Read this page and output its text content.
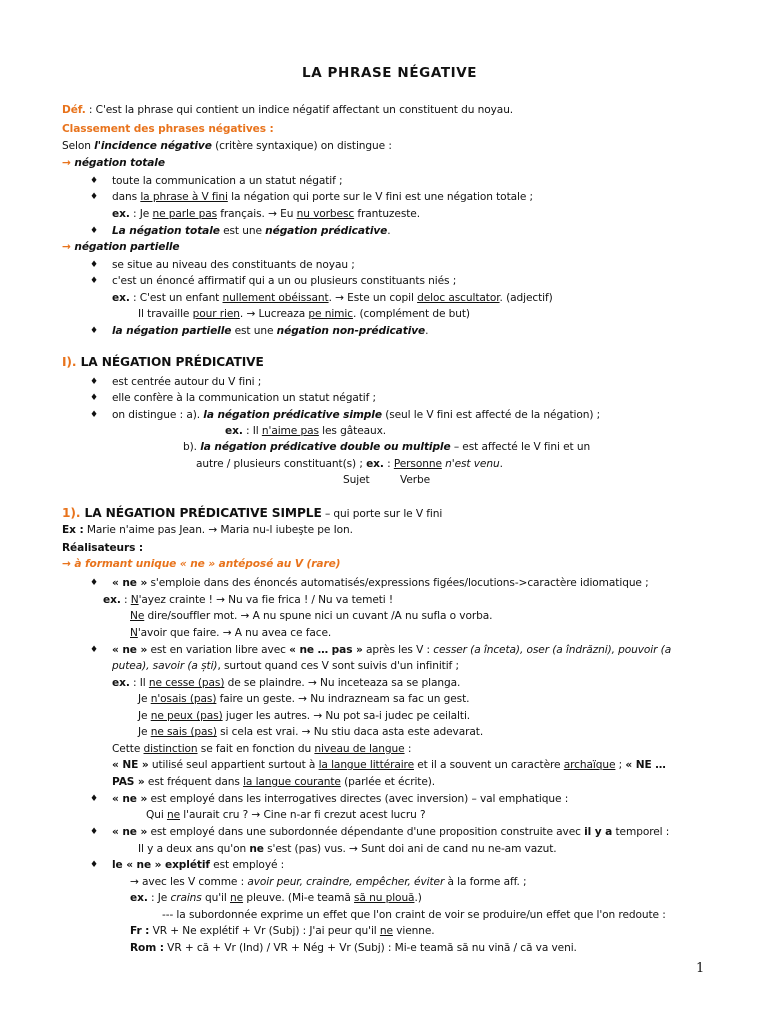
LA PHRASE NÉGATIVE
Déf. : C'est la phrase qui contient un indice négatif affectant un constituent du noyau.
Classement des phrases négatives :
Selon l'incidence négative (critère syntaxique) on distingue :
→ négation totale
♦ toute la communication a un statut négatif ;
♦ dans la phrase à V fini la négation qui porte sur le V fini est une négation totale ;
ex. : Je ne parle pas français. → Eu nu vorbesc frantuzeste.
♦ La négation totale est une négation prédicative.
→ négation partielle
♦ se situe au niveau des constituants de noyau ;
♦ c'est un énoncé affirmatif qui a un ou plusieurs constituants niés ;
ex. : C'est un enfant nullement obéissant. → Este un copil deloc ascultator. (adjectif)
Il travaille pour rien. → Lucreaza pe nimic. (complément de but)
♦ la négation partielle est une négation non-prédicative.
I). LA NÉGATION PRÉDICATIVE
♦ est centrée autour du V fini ;
♦ elle confère à la communication un statut négatif ;
♦ on distingue : a). la négation prédicative simple (seul le V fini est affecté de la négation) ;
ex. : Il n'aime pas les gâteaux.
b). la négation prédicative double ou multiple – est affecté le V fini et un
autre / plusieurs constituant(s) ; ex. : Personne n'est venu.
Sujet	Verbe
1). LA NÉGATION PRÉDICATIVE SIMPLE – qui porte sur le V fini
Ex : Marie n'aime pas Jean. → Maria nu-l iubeşte pe Ion.
Réalisateurs :
→ à formant unique « ne » antéposé au V (rare)
♦ « ne » s'emploie dans des énoncés automatisés/expressions figées/locutions->caractère idiomatique ;
ex. : N'ayez crainte ! → Nu va fie frica ! / Nu va temeti !
Ne dire/souffler mot. → A nu spune nici un cuvant /A nu sufla o vorba.
N'avoir que faire. → A nu avea ce face.
♦ « ne » est en variation libre avec « ne … pas » après les V : cesser (a înceta), oser (a îndrăzni), pouvoir (a
putea), savoir (a ști), surtout quand ces V sont suivis d'un infinitif ;
ex. : Il ne cesse (pas) de se plaindre. → Nu inceteaza sa se planga.
Je n'osais (pas) faire un geste. → Nu indrazneam sa fac un gest.
Je ne peux (pas) juger les autres. → Nu pot sa-i judec pe ceilalti.
Je ne sais (pas) si cela est vrai. → Nu stiu daca asta este adevarat.
Cette distinction se fait en fonction du niveau de langue :
« NE » utilisé seul appartient surtout à la langue littéraire et il a souvent un caractère archaïque ; « NE …
PAS » est fréquent dans la langue courante (parlée et écrite).
♦ « ne » est employé dans les interrogatives directes (avec inversion) – val emphatique :
Qui ne l'aurait cru ? → Cine n-ar fi crezut acest lucru ?
♦ « ne » est employé dans une subordonnée dépendante d'une proposition construite avec il y a temporel :
Il y a deux ans qu'on ne s'est (pas) vus. → Sunt doi ani de cand nu ne-am vazut.
♦ le « ne » explétif est employé :
→ avec les V comme : avoir peur, craindre, empêcher, éviter à la forme aff. ;
ex. : Je crains qu'il ne pleuve. (Mi-e teamă să nu plouă.)
--- la subordonnée exprime un effet que l'on craint de voir se produire/un effet que l'on redoute :
Fr : VR + Ne explétif + Vr (Subj) : J'ai peur qu'il ne vienne.
Rom : VR + că + Vr (Ind) / VR + Nég + Vr (Subj) : Mi-e teamă să nu vină / că va veni.
1
